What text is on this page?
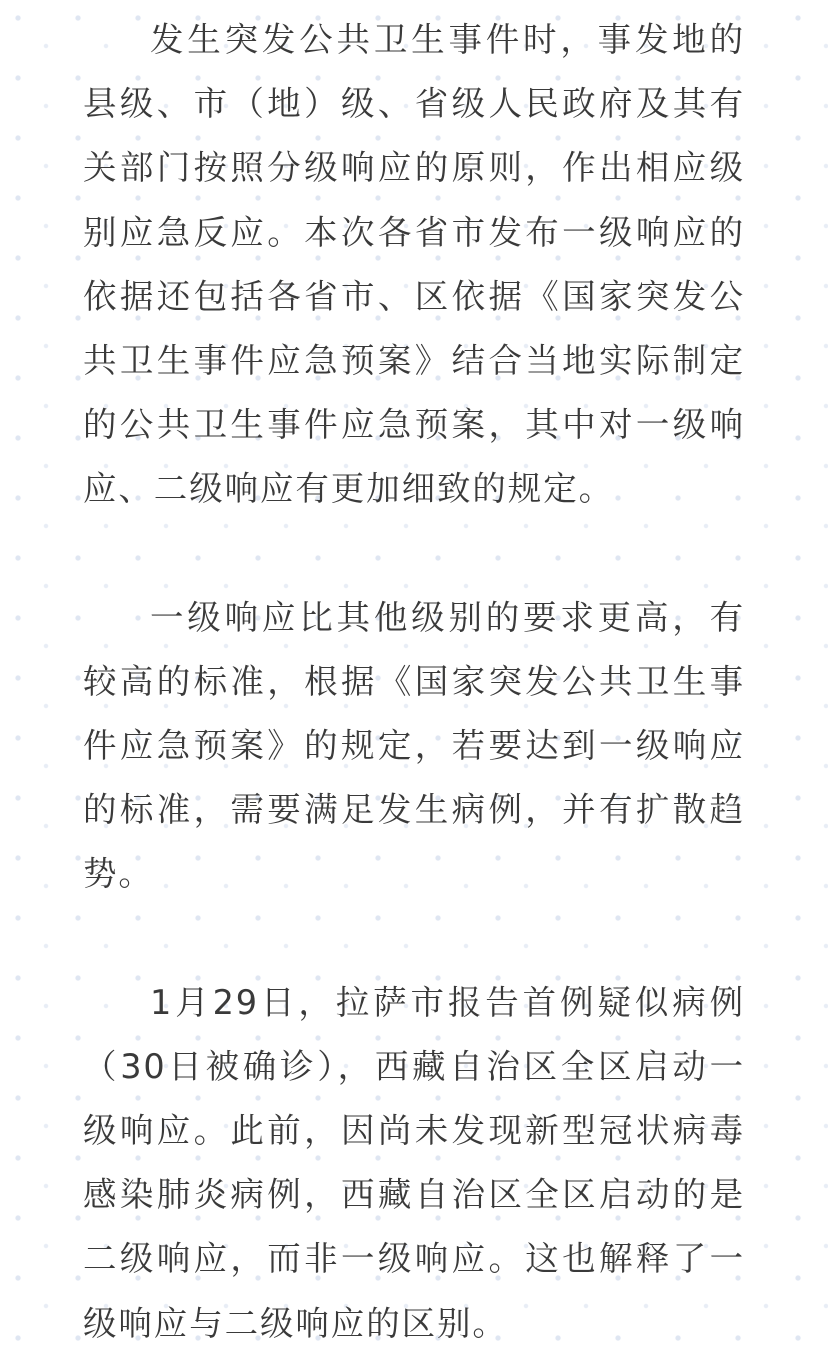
发生突发公共卫生事件时，事发地的县级、市（地）级、省级人民政府及其有关部门按照分级响应的原则，作出相应级别应急反应。本次各省市发布一级响应的依据还包括各省市、区依据《国家突发公共卫生事件应急预案》结合当地实际制定的公共卫生事件应急预案，其中对一级响应、二级响应有更加细致的规定。

一级响应比其他级别的要求更高，有较高的标准，根据《国家突发公共卫生事件应急预案》的规定，若要达到一级响应的标准，需要满足发生病例，并有扩散趋势。

1月29日，拉萨市报告首例疑似病例（30日被确诊），西藏自治区全区启动一级响应。此前，因尚未发现新型冠状病毒感染肺炎病例，西藏自治区全区启动的是二级响应，而非一级响应。这也解释了一级响应与二级响应的区别。
